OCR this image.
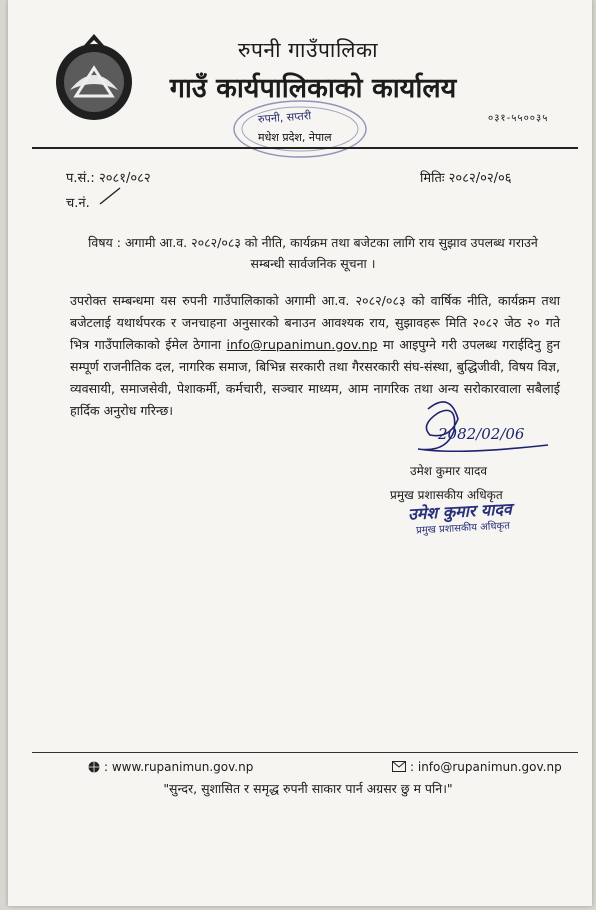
रुपनी गाउँपालिका
गाउँ कार्यपालिकाको कार्यालय
०३१-५५००३५
रुपनी, सप्तरी
मधेश प्रदेश, नेपाल
प.सं.: २०८१/०८२	मितिः २०८२/०२/०६
च.नं.
विषय : अगामी आ.व. २०८२/०८३ को नीति, कार्यक्रम तथा बजेटका लागि राय सुझाव उपलब्ध गराउने सम्बन्धी सार्वजनिक सूचना ।
उपरोक्त सम्बन्धमा यस रुपनी गाउँपालिकाको अगामी आ.व. २०८२/०८३ को वार्षिक नीति, कार्यक्रम तथा बजेटलाई यथार्थपरक र जनचाहना अनुसारको बनाउन आवश्यक राय, सुझावहरू मिति २०८२ जेठ २० गते भित्र गाउँपालिकाको ईमेल ठेगाना info@rupanimun.gov.np मा आइपुग्ने गरी उपलब्ध गराईदिनु हुन सम्पूर्ण राजनीतिक दल, नागरिक समाज, बिभिन्न सरकारी तथा गैरसरकारी संघ-संस्था, बुद्धिजीवी, विषय विज्ञ, व्यवसायी, समाजसेवी, पेशाकर्मी, कर्मचारी, सञ्चार माध्यम, आम नागरिक तथा अन्य सरोकारवाला सबैलाई हार्दिक अनुरोध गरिन्छ।
2082/02/06
उमेश कुमार यादव
प्रमुख प्रशासकीय अधिकृत
उमेश कुमार यादव
प्रमुख प्रशासकीय अधिकृत
: www.rupanimun.gov.np	: info@rupanimun.gov.np
"सुन्दर, सुशासित र समृद्ध रुपनी साकार पार्न अग्रसर छु म पनि।"
